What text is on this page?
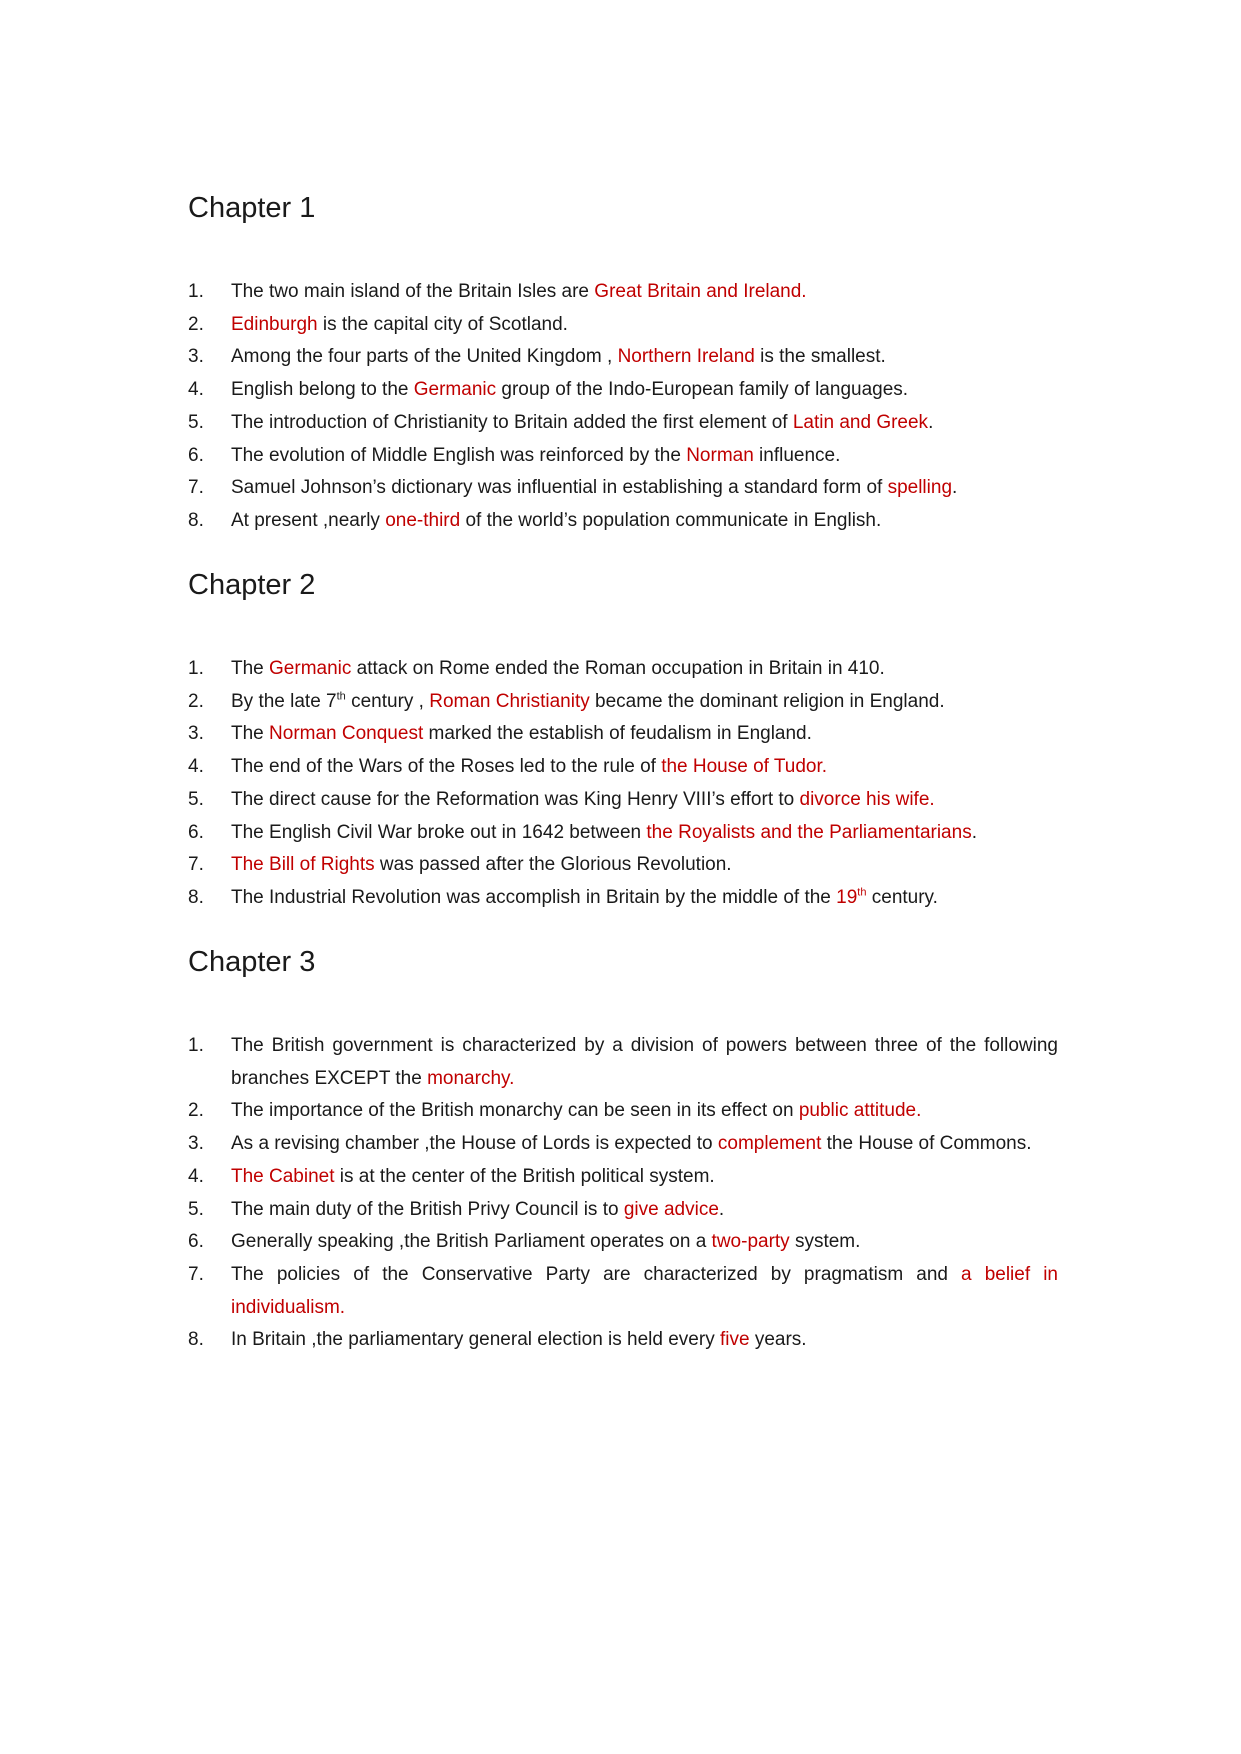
Chapter 1
1.	The two main island of the Britain Isles are Great Britain and Ireland.
2.	Edinburgh is the capital city of Scotland.
3.	Among the four parts of the United Kingdom , Northern Ireland is the smallest.
4.	English belong to the Germanic group of the Indo-European family of languages.
5.	The introduction of Christianity to Britain added the first element of Latin and Greek.
6.	The evolution of Middle English was reinforced by the Norman influence.
7.	Samuel Johnson’s dictionary was influential in establishing a standard form of spelling.
8.	At present ,nearly one-third of the world’s population communicate in English.
Chapter 2
1.	The Germanic attack on Rome ended the Roman occupation in Britain in 410.
2.	By the late 7th century , Roman Christianity became the dominant religion in England.
3.	The Norman Conquest marked the establish of feudalism in England.
4.	The end of the Wars of the Roses led to the rule of the House of Tudor.
5.	The direct cause for the Reformation was King Henry VIII’s effort to divorce his wife.
6.	The English Civil War broke out in 1642 between the Royalists and the Parliamentarians.
7.	The Bill of Rights was passed after the Glorious Revolution.
8.	The Industrial Revolution was accomplish in Britain by the middle of the 19th century.
Chapter 3
1.	The British government is characterized by a division of powers between three of the following branches EXCEPT the monarchy.
2.	The importance of the British monarchy can be seen in its effect on public attitude.
3.	As a revising chamber ,the House of Lords is expected to complement the House of Commons.
4.	The Cabinet is at the center of the British political system.
5.	The main duty of the British Privy Council is to give advice.
6.	Generally speaking ,the British Parliament operates on a two-party system.
7.	The policies of the Conservative Party are characterized by pragmatism and a belief in individualism.
8.	In Britain ,the parliamentary general election is held every five years.
